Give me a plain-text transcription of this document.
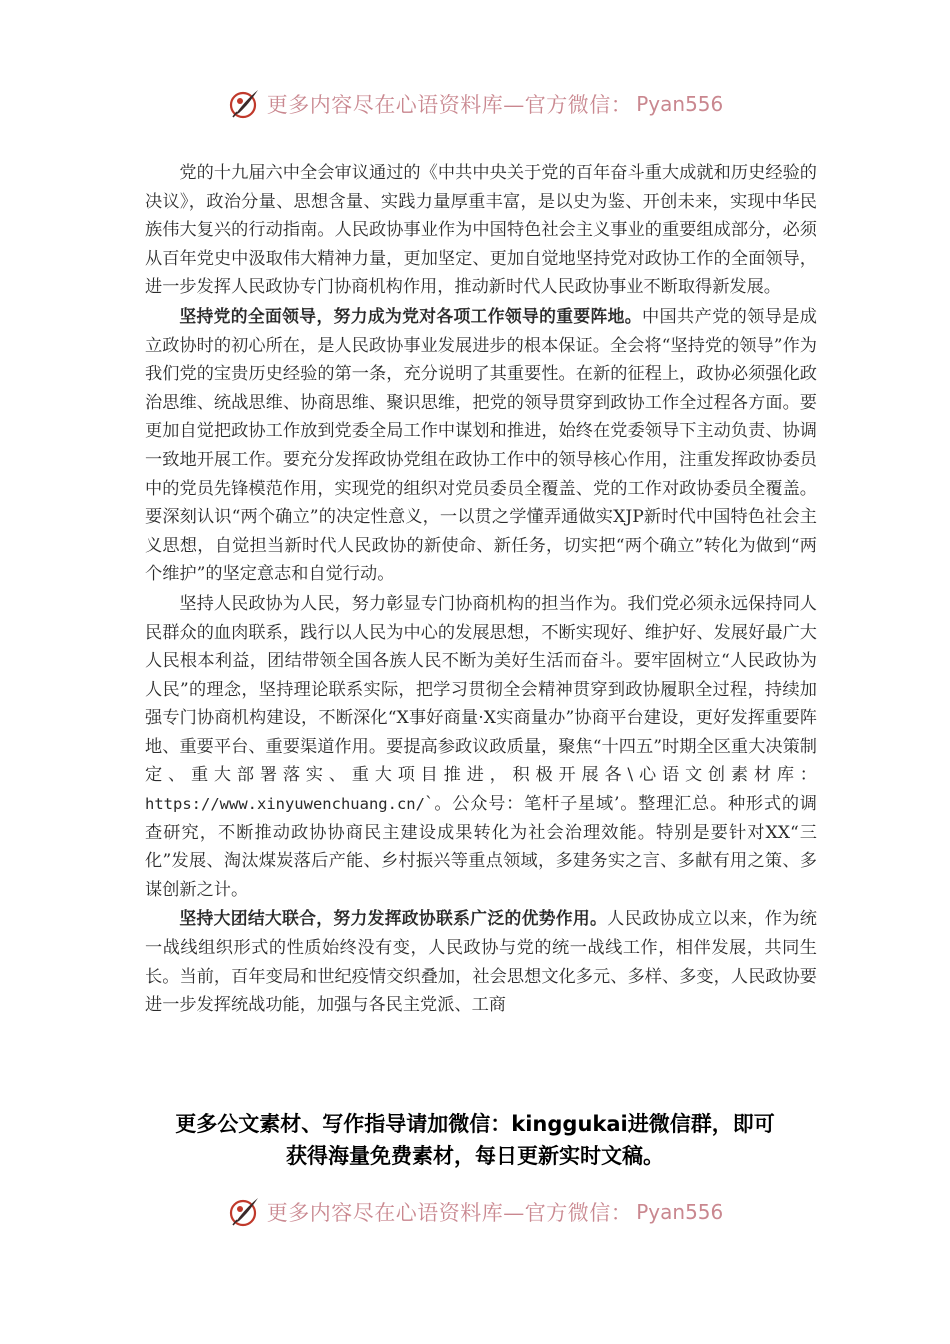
更多内容尽在心语资料库—官方微信： Pyan556

党的十九届六中全会审议通过的《中共中央关于党的百年奋斗重大成就和历史经验的决议》，政治分量、思想含量、实践力量厚重丰富，是以史为鉴、开创未来，实现中华民族伟大复兴的行动指南。人民政协事业作为中国特色社会主义事业的重要组成部分，必须从百年党史中汲取伟大精神力量，更加坚定、更加自觉地坚持党对政协工作的全面领导，进一步发挥人民政协专门协商机构作用，推动新时代人民政协事业不断取得新发展。

坚持党的全面领导，努力成为党对各项工作领导的重要阵地。中国共产党的领导是成立政协时的初心所在，是人民政协事业发展进步的根本保证。全会将“坚持党的领导”作为我们党的宝贵历史经验的第一条，充分说明了其重要性。在新的征程上，政协必须强化政治思维、统战思维、协商思维、聚识思维，把党的领导贯穿到政协工作全过程各方面。要更加自觉把政协工作放到党委全局工作中谋划和推进，始终在党委领导下主动负责、协调一致地开展工作。要充分发挥政协党组在政协工作中的领导核心作用，注重发挥政协委员中的党员先锋模范作用，实现党的组织对党员委员全覆盖、党的工作对政协委员全覆盖。要深刻认识“两个确立”的决定性意义，一以贯之学懂弄通做实XJP新时代中国特色社会主义思想，自觉担当新时代人民政协的新使命、新任务，切实把“两个确立”转化为做到“两个维护”的坚定意志和自觉行动。

坚持人民政协为人民，努力彰显专门协商机构的担当作为。我们党必须永远保持同人民群众的血肉联系，践行以人民为中心的发展思想，不断实现好、维护好、发展好最广大人民根本利益，团结带领全国各族人民不断为美好生活而奋斗。要牢固树立“人民政协为人民”的理念，坚持理论联系实际，把学习贯彻全会精神贯穿到政协履职全过程，持续加强专门协商机构建设，不断深化“X事好商量·X实商量办”协商平台建设，更好发挥重要阵地、重要平台、重要渠道作用。要提高参政议政质量，聚焦“十四五”时期全区重大决策制定、重大部署落实、重大项目推进，积极开展各\心语文创素材库：https://www.xinyuwenchuang.cn/`。公众号：笔杆子星域’。整理汇总。种形式的调查研究，不断推动政协协商民主建设成果转化为社会治理效能。特别是要针对XX“三化”发展、淘汰煤炭落后产能、乡村振兴等重点领域，多建务实之言、多献有用之策、多谋创新之计。

坚持大团结大联合，努力发挥政协联系广泛的优势作用。人民政协成立以来，作为统一战线组织形式的性质始终没有变，人民政协与党的统一战线工作，相伴发展，共同生长。当前，百年变局和世纪疫情交织叠加，社会思想文化多元、多样、多变，人民政协要进一步发挥统战功能，加强与各民主党派、工商

更多公文素材、写作指导请加微信：kinggukai进微信群，即可
获得海量免费素材，每日更新实时文稿。
更多内容尽在心语资料库—官方微信： Pyan556
